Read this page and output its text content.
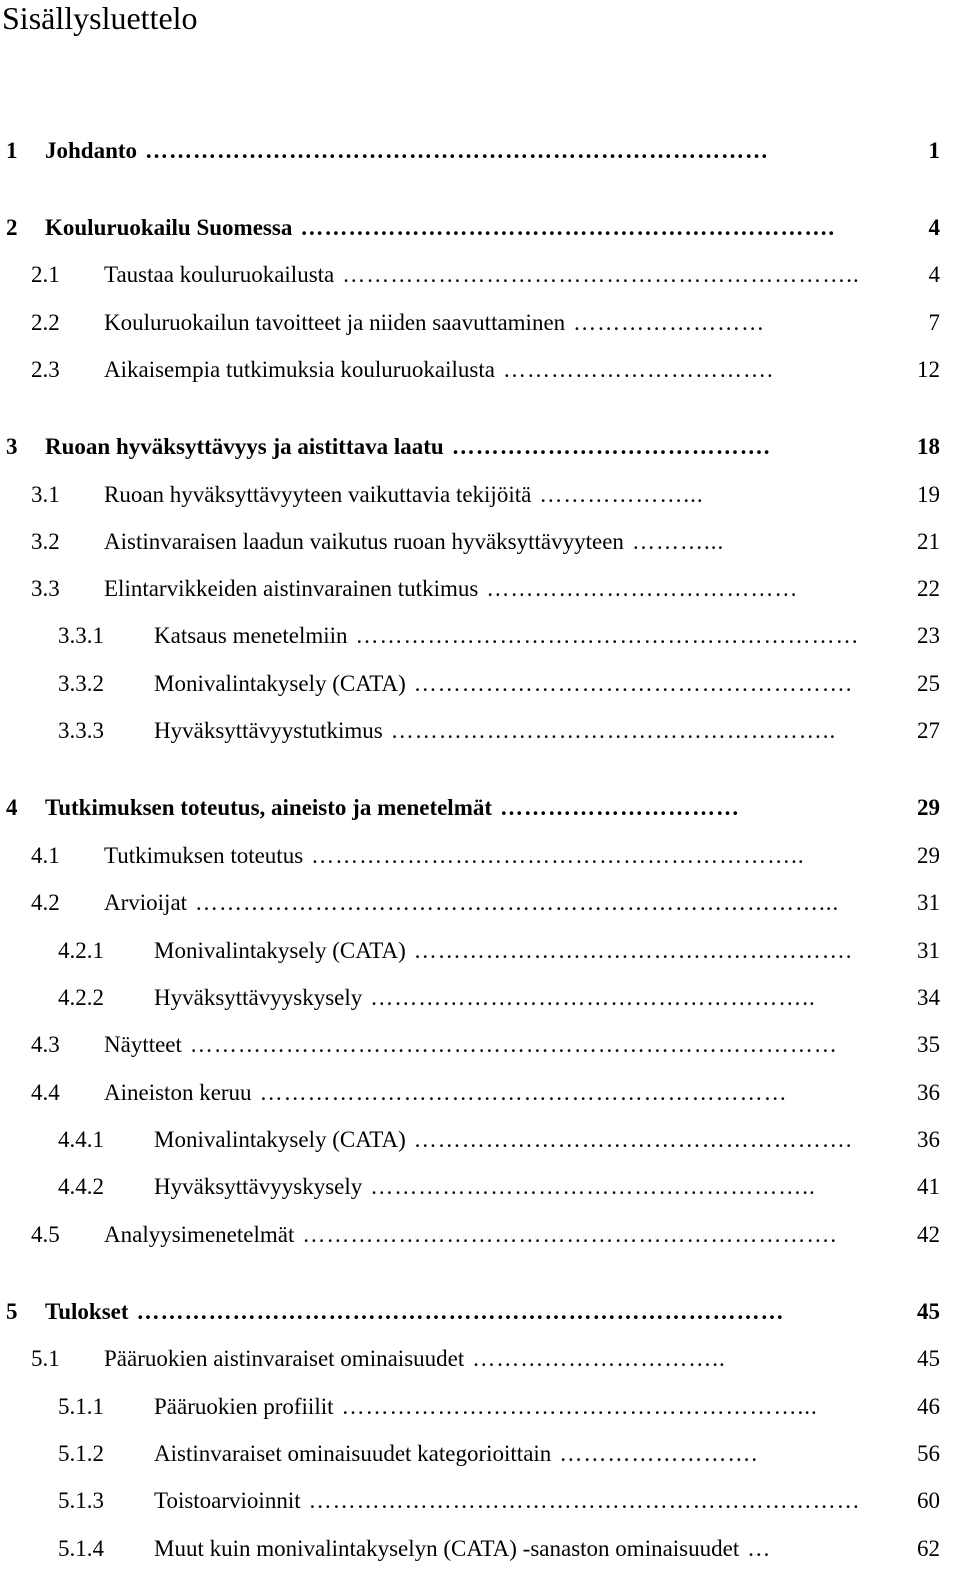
Sisällysluettelo
1	Johdanto ……………………………………………………………………	1
2	Kouluruokailu Suomessa ………………………………………………………….	4
2.1	Taustaa kouluruokailusta ………………………………………………………..	4
2.2	Kouluruokailun tavoitteet ja niiden saavuttaminen ……………………	7
2.3	Aikaisempia tutkimuksia kouluruokailusta …………………………….	12
3	Ruoan hyväksyttävyys ja aistittava laatu ………………………………….	18
3.1	Ruoan hyväksyttävyyteen vaikuttavia tekijöitä ………………...	19
3.2	Aistinvaraisen laadun vaikutus ruoan hyväksyttävyyteen ………...	21
3.3	Elintarvikkeiden aistinvarainen tutkimus …………………………………	22
3.3.1	Katsaus menetelmiin ………………………………………………………	23
3.3.2	Monivalintakysely (CATA) ……………………………………………….	25
3.3.3	Hyväksyttävyystutkimus ………………………………………………..	27
4	Tutkimuksen toteutus, aineisto ja menetelmät …………………………	29
4.1	Tutkimuksen toteutus ……………………………………………………..	29
4.2	Arvioijat ……………………………………………………………………...	31
4.2.1	Monivalintakysely (CATA) ……………………………………………….	31
4.2.2	Hyväksyttävyyskysely ………………………………………………..	34
4.3	Näytteet ………………………………………………………………………	35
4.4	Aineiston keruu …………………………………………………………	36
4.4.1	Monivalintakysely (CATA) ……………………………………………….	36
4.4.2	Hyväksyttävyyskysely ………………………………………………..	41
4.5	Analyysimenetelmät ………………………………………………………….	42
5	Tulokset ………………………………………………………………………	45
5.1	Pääruokien aistinvaraiset ominaisuudet …………………………..	45
5.1.1	Pääruokien profiilit …………………………………………………...	46
5.1.2	Aistinvaraiset ominaisuudet kategorioittain …………………….	56
5.1.3	Toistoarvioinnit ……………………………………………………………	60
5.1.4	Muut kuin monivalintakyselyn (CATA) -sanaston ominaisuudet …	62
